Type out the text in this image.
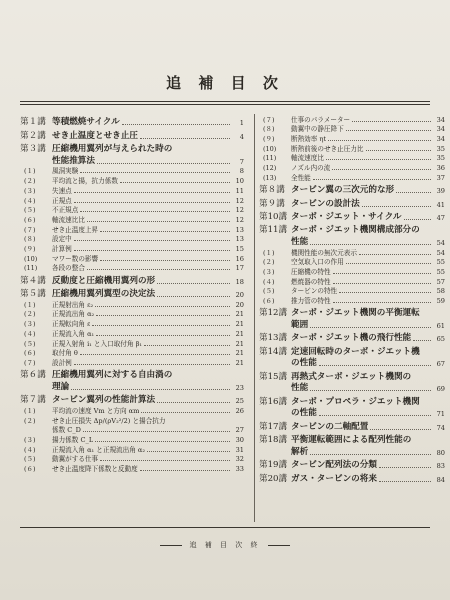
追 補 目 次
第１講 等積燃焼サイクル	1
第２講 せき止温度とせき止圧	4
第３講 圧縮機用翼列が与えられた時の
性能推算法	7
(１)	風洞実験	8
(２)	平均流と揚，抗力係数	10
(３)	失速点	11
(４)	正規点	12
(５)	不正規点	12
(６)	軸流速比比	12
(７)	せき止温度上昇	13
(８)	設定中	13
(９)	計算例	15
(10)	マワー数の影響	16
(11)	各段の整合	17
第４講 反動度と圧縮機用翼列の形	18
第５講 圧縮機用翼列翼型の決定法	20
(１)	正規射出角 ε₂	20
(２)	正規流出角 α₂	21
(３)	正規転向角 ε	21
(４)	正規流入角 α₁	21
(５)	正規入射角 i₁ と入口取付角 β₁	21
(６)	取付角 θ	21
(７)	設計例	21
第６講 圧縮機用翼列に対する自由渦の
理論	23
第７講 タービン翼列の性能計算法	25
(１)	平均流の速度 Vm と方向 αm	26
(２)	せき止圧損失 Δp/(ρV₂²/2) と揚合抗力
係数 C_D	27
(３)	揚力係数 C_L	30
(４)	正規流入角 α₁ と正規流出角 α₂	31
(５)	動翼がする仕事	32
(６)	せき止温度降下係数と反動度	33
(７)	仕事のパラメーター	34
(８)	動翼中の静圧降下	34
(９)	断熱効率 ηt	34
(10)	断熱前後のせき止圧力比	35
(11)	軸流速度比	35
(12)	ノズル内の流	36
(13)	全性能	37
第８講 タービン翼の三次元的な形	39
第９講 タービンの設計法	41
第10講 ターボ・ジエット・サイクル	47
第11講 ターボ・ジエット機関構成部分の
性能	54
(１)	機関性能の無次元表示	54
(２)	空気取入口の作用	55
(３)	圧縮機の特性	55
(４)	燃焼器の特性	57
(５)	タービンの特性	58
(６)	推力管の特性	59
第12講 ターボ・ジエット機関の平衡運転
範囲	61
第13講 ターボ・ジエット機の飛行性能	65
第14講 定速回転時のターボ・ジエット機
の性能	67
第15講 再熱式ターボ・ジエット機関の
性能	69
第16講 ターボ・プロペラ・ジエット機関
の性能	71
第17講 タービンの二軸配置	74
第18講 平衡運転範囲による配列性能の
解析	80
第19講 タービン配列法の分類	83
第20講 ガス・タービンの将来	84
追 補 目 次 終
